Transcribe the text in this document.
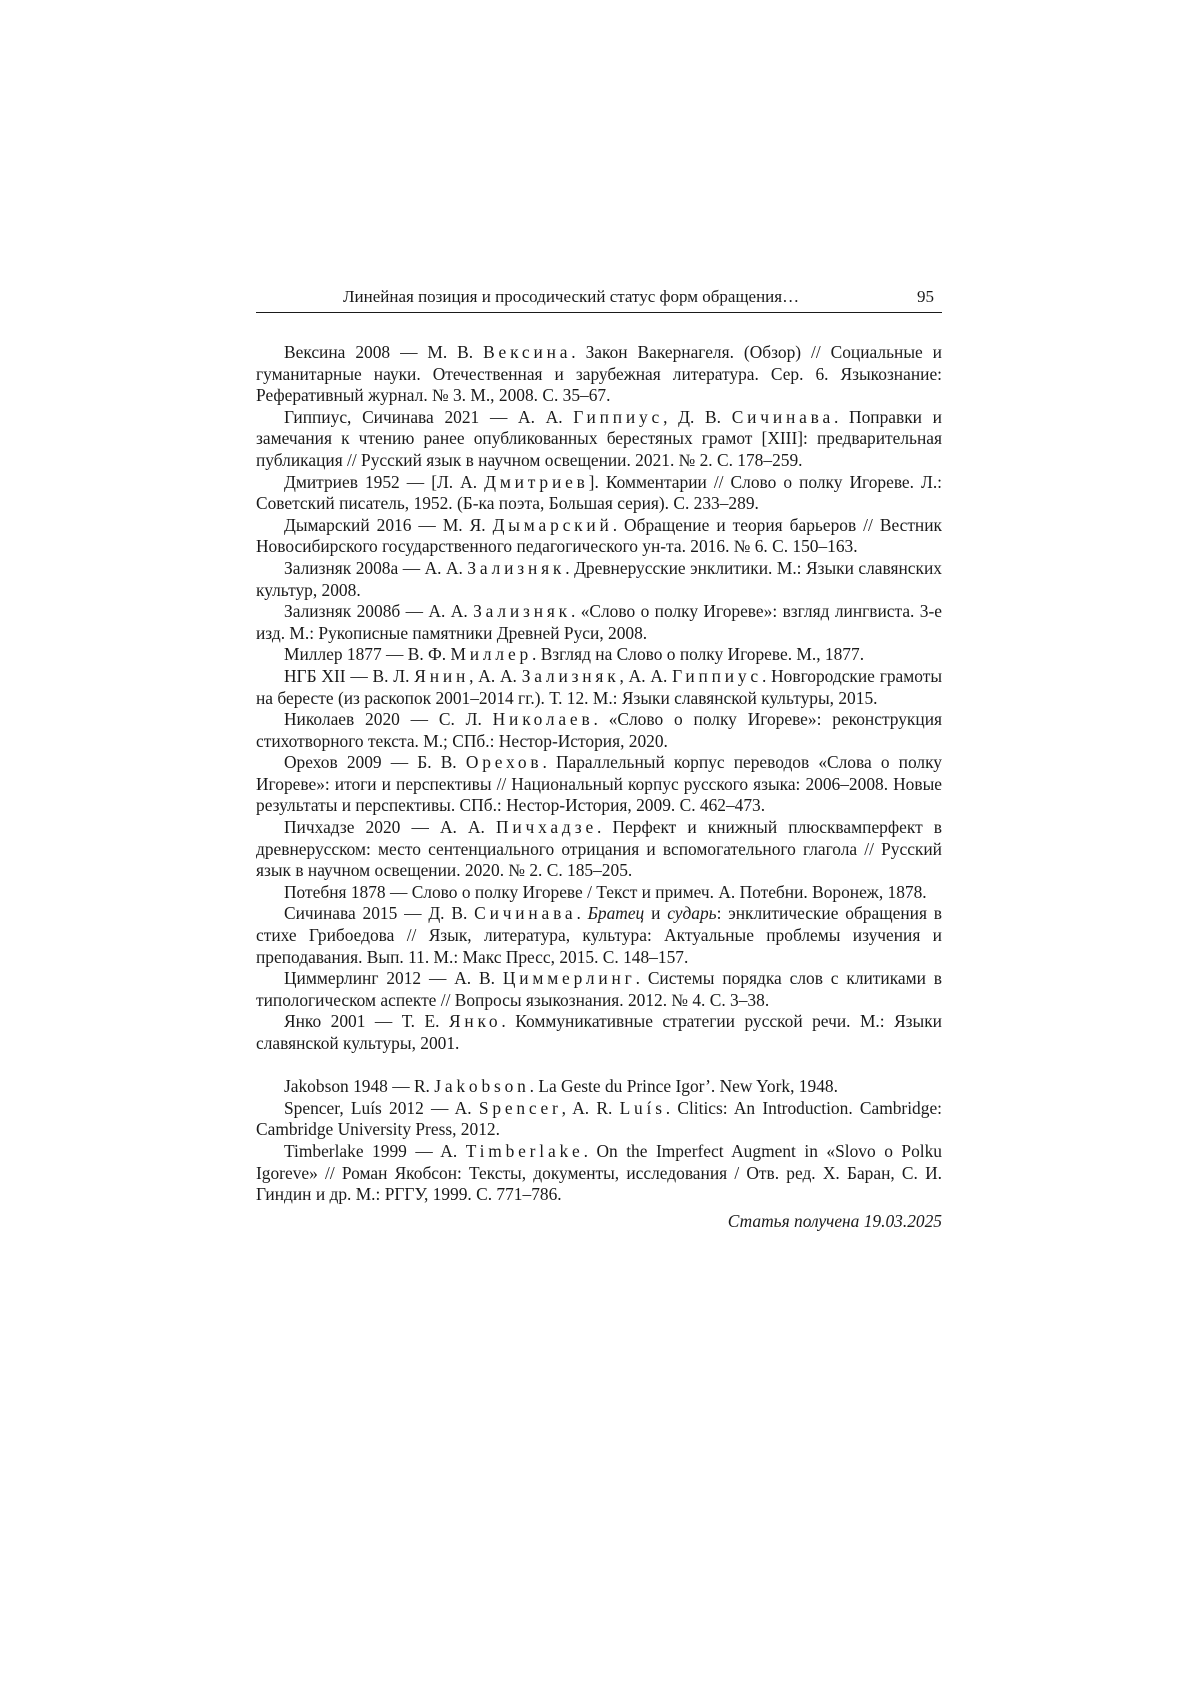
Линейная позиция и просодический статус форм обращения…	95

Вексина 2008 — М. В. Вексина. Закон Вакернагеля. (Обзор) // Социальные и гуманитарные науки. Отечественная и зарубежная литература. Сер. 6. Языкознание: Реферативный журнал. № 3. М., 2008. С. 35–67.

Гиппиус, Сичинава 2021 — А. А. Гиппиус, Д. В. Сичинава. Поправки и замечания к чтению ранее опубликованных берестяных грамот [XIII]: предварительная публикация // Русский язык в научном освещении. 2021. № 2. С. 178–259.

Дмитриев 1952 — [Л. А. Дмитриев]. Комментарии // Слово о полку Игореве. Л.: Советский писатель, 1952. (Б-ка поэта, Большая серия). С. 233–289.

Дымарский 2016 — М. Я. Дымарский. Обращение и теория барьеров // Вестник Новосибирского государственного педагогического ун-та. 2016. № 6. С. 150–163.

Зализняк 2008а — А. А. Зализняк. Древнерусские энклитики. М.: Языки славянских культур, 2008.

Зализняк 2008б — А. А. Зализняк. «Слово о полку Игореве»: взгляд лингвиста. 3-е изд. М.: Рукописные памятники Древней Руси, 2008.

Миллер 1877 — В. Ф. Миллер. Взгляд на Слово о полку Игореве. М., 1877.

НГБ XII — В. Л. Янин, А. А. Зализняк, А. А. Гиппиус. Новгородские грамоты на бересте (из раскопок 2001–2014 гг.). Т. 12. М.: Языки славянской культуры, 2015.

Николаев 2020 — С. Л. Николаев. «Слово о полку Игореве»: реконструкция стихотворного текста. М.; СПб.: Нестор-История, 2020.

Орехов 2009 — Б. В. Орехов. Параллельный корпус переводов «Слова о полку Игореве»: итоги и перспективы // Национальный корпус русского языка: 2006–2008. Новые результаты и перспективы. СПб.: Нестор-История, 2009. С. 462–473.

Пичхадзе 2020 — А. А. Пичхадзе. Перфект и книжный плюсквамперфект в древнерусском: место сентенциального отрицания и вспомогательного глагола // Русский язык в научном освещении. 2020. № 2. С. 185–205.

Потебня 1878 — Слово о полку Игореве / Текст и примеч. А. Потебни. Воронеж, 1878.

Сичинава 2015 — Д. В. Сичинава. Братец и сударь: энклитические обращения в стихе Грибоедова // Язык, литература, культура: Актуальные проблемы изучения и преподавания. Вып. 11. М.: Макс Пресс, 2015. С. 148–157.

Циммерлинг 2012 — А. В. Циммерлинг. Системы порядка слов с клитиками в типологическом аспекте // Вопросы языкознания. 2012. № 4. С. 3–38.

Янко 2001 — Т. Е. Янко. Коммуникативные стратегии русской речи. М.: Языки славянской культуры, 2001.

Jakobson 1948 — R. Jakobson. La Geste du Prince Igor’. New York, 1948.

Spencer, Luís 2012 — A. Spencer, A. R. Luís. Clitics: An Introduction. Cambridge: Cambridge University Press, 2012.

Timberlake 1999 — A. Timberlake. On the Imperfect Augment in «Slovo o Polku Igoreve» // Роман Якобсон: Тексты, документы, исследования / Отв. ред. Х. Баран, С. И. Гиндин и др. М.: РГГУ, 1999. С. 771–786.

Статья получена 19.03.2025
